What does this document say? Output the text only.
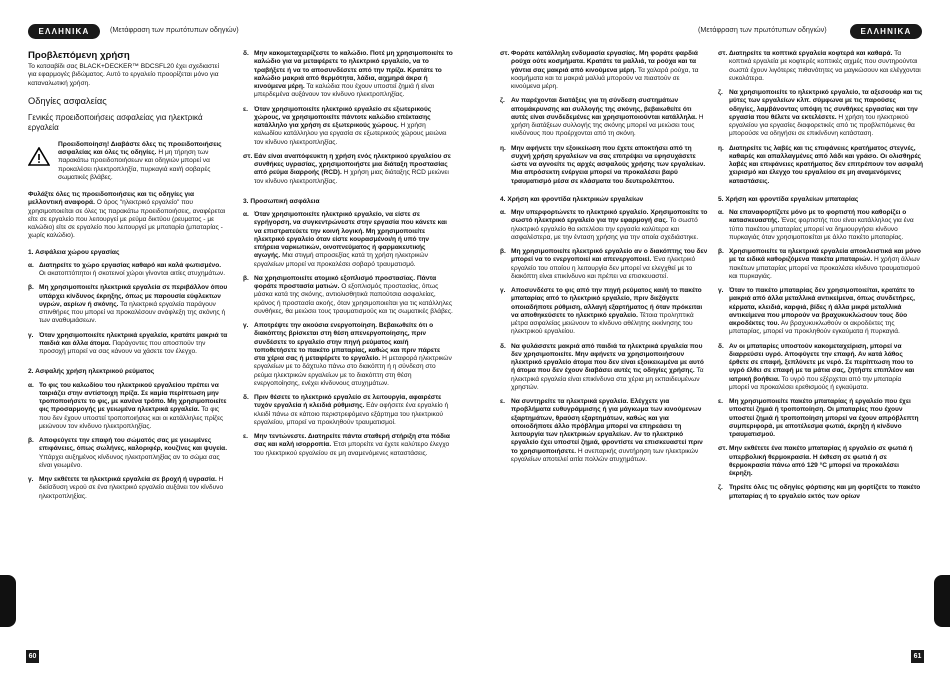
ΕΛΛΗΝΙΚΑ	(Μετάφραση των πρωτότυπων οδηγιών)
Προβλεπόμενη χρήση

Το κατσαβίδι σας BLACK+DECKER™ BDCSFL20 έχει σχεδιαστεί για εφαρμογές βιδώματος. Αυτό το εργαλείο προορίζεται μόνο για καταναλωτική χρήση.

Οδηγίες ασφαλείας
Γενικές προειδοποιήσεις ασφαλείας για ηλεκτρικά εργαλεία
Προειδοποίηση! Διαβάστε όλες τις προειδοποιήσεις ασφαλείας και όλες τις οδηγίες. Η μη τήρηση των παρακάτω προειδοποιήσεων και οδηγιών μπορεί να προκαλέσει ηλεκτροπληξία, πυρκαγιά και/ή σοβαρές σωματικές βλάβες.

Φυλάξτε όλες τις προειδοποιήσεις και τις οδηγίες για μελλοντική αναφορά. Ο όρος "ηλεκτρικό εργαλείο" που χρησιμοποιείται σε όλες τις παρακάτω προειδοποιήσεις, αναφέρεται είτε σε εργαλείο που λειτουργεί με ρεύμα δικτύου (ρευματος - με καλώδιο) είτε σε εργαλείο που λειτουργεί με μπαταρία (μπαταρίας - χωρίς καλώδιο).

1. Ασφάλεια χώρου εργασίας
α. Διατηρείτε το χώρο εργασίας καθαρό και καλά φωτισμένο. Οι ακατοπτόπητοι ή σκοτεινοί χώροι γίνονται αιτίες ατυχημάτων.
β. Μη χρησιμοποιείτε ηλεκτρικά εργαλεία σε περιβάλλον όπου υπάρχει κίνδυνος έκρηξης, όπως με παρουσία εύφλεκτων υγρών, αερίων ή σκόνης. Τα ηλεκτρικά εργαλεία παράγουν σπινθήρες που μπορεί να προκαλέσουν ανάφλεξη της σκόνης ή των αναθυμιάσεων.
γ. Όταν χρησιμοποιείτε ηλεκτρικά εργαλεία, κρατάτε μακριά τα παιδιά και άλλα άτομα. Παράγοντες που αποσπούν την προσοχή μπορεί να σας κάνουν να χάσετε τον έλεγχο.
2. Ασφαλής χρήση ηλεκτρικού ρεύματος
α. Το φις του καλωδίου του ηλεκτρικού εργαλείου πρέπει να ταιριάζει στην αντίστοιχη πρίζα. Σε καμία περίπτωση μην τροποποιήσετε το φις, με κανένα τρόπο. Μη χρησιμοποιείτε φις προσαρμογής με γειωμένα ηλεκτρικά εργαλεία. Τα φις που δεν έχουν υποστεί τροποποιήσεις και οι κατάλληλες πρίζες μειώνουν τον κίνδυνο ηλεκτροπληξίας.
β. Αποφεύγετε την επαφή του σώματός σας με γειωμένες επιφάνειες, όπως σωλήνες, καλοριφέρ, κουζίνες και ψυγεία. Υπάρχει αυξημένος κίνδυνος ηλεκτροπληξίας αν το σώμα σας είναι γειωμένο.
γ. Μην εκθέτετε τα ηλεκτρικά εργαλεία σε βροχή ή υγρασία. Η διείσδυση νερού σε ένα ηλεκτρικό εργαλείο αυξάνει τον κίνδυνο ηλεκτροπληξίας.
δ. Μην κακομεταχειρίζεστε το καλώδιο. Ποτέ μη χρησιμοποιείτε το καλώδιο για να μεταφέρετε το ηλεκτρικό εργαλείο, να το τραβήξετε ή να το αποσυνδέσετε από την πρίζα. Κρατάτε το καλώδιο μακριά από θερμότητα, λάδια, αιχμηρά άκρα ή κινούμενα μέρη. Τα καλώδια που έχουν υποστεί ζημιά ή είναι μπερδεμένα αυξάνουν τον κίνδυνο ηλεκτροπληξίας.
ε. Όταν χρησιμοποιείτε ηλεκτρικό εργαλείο σε εξωτερικούς χώρους, να χρησιμοποιείτε πάντοτε καλώδιο επέκτασης κατάλληλο για χρήση σε εξωτερικούς χώρους. Η χρήση καλωδίου κατάλληλου για εργασία σε εξωτερικούς χώρους μειώνει τον κίνδυνο ηλεκτροπληξίας.
στ. Εάν είναι αναπόφευκτη η χρήση ενός ηλεκτρικού εργαλείου σε συνθήκες υγρασίας, χρησιμοποιήστε μια διάταξη προστασίας από ρεύμα διαρροής (RCD). Η χρήση μιας διάταξης RCD μειώνει τον κίνδυνο ηλεκτροπληξίας.
3. Προσωπική ασφάλεια
α. Όταν χρησιμοποιείτε ηλεκτρικό εργαλείο, να είστε σε εγρήγορση, να συγκεντρώνεστε στην εργασία που κάνετε και να επιστρατεύετε την κοινή λογική. Μη χρησιμοποιείτε ηλεκτρικό εργαλείο όταν είστε κουρασμένοι/η ή υπό την επήρεια ναρκωτικών, οινοπνεύματος ή φαρμακευτικής αγωγής. Μια στιγμή απροσεξίας κατά τη χρήση ηλεκτρικών εργαλείων μπορεί να προκαλέσει σοβαρό τραυματισμό.
β. Να χρησιμοποιείτε ατομικό εξοπλισμό προστασίας. Πάντα φοράτε προστασία ματιών. Ο εξοπλισμός προστασίας, όπως μάσκα κατά της σκόνης, αντιολισθητικά παπούτσια ασφαλείας, κράνος ή προστασία ακοής, όταν χρησιμοποιείται για τις κατάλληλες συνθήκες, θα μειώσει τους τραυματισμούς και τις σωματικές βλάβες.
γ. Αποτρέψτε την ακούσια ενεργοποίηση. Βεβαιωθείτε ότι ο διακόπτης βρίσκεται στη θέση απενεργοποίησης, πριν συνδέσετε το εργαλείο στην πηγή ρεύματος και/ή τοποθετήσετε το πακέτο μπαταρίας, καθώς και πριν πάρετε στα χέρια σας ή μεταφέρετε το εργαλείο. Η μεταφορά ηλεκτρικών εργαλείων με το δάχτυλο πάνω στο διακόπτη ή η σύνδεση στο ρεύμα ηλεκτρικών εργαλείων με το διακόπτη στη θέση ενεργοποίησης, ενέχει κίνδυνους ατυχημάτων.
δ. Πριν θέσετε το ηλεκτρικό εργαλείο σε λειτουργία, αφαιρέστε τυχόν εργαλεία ή κλειδιά ρύθμισης. Εάν αφήσετε ένα εργαλείο ή κλειδί πάνω σε κάποιο περιστρεφόμενο εξάρτημα του ηλεκτρικού εργαλείου, μπορεί να προκληθούν τραυματισμοί.
ε. Μην τεντώνεστε. Διατηρείτε πάντα σταθερή στήριξη στα πόδια σας και καλή ισορροπία. Έτσι μπορείτε να έχετε καλύτερο έλεγχο του ηλεκτρικού εργαλείου σε μη αναμενόμενες καταστάσεις.
60
ΕΛΛΗΝΙΚΑ
(Μετάφραση των πρωτότυπων οδηγιών)
στ. Φοράτε κατάλληλη ενδυμασία εργασίας. Μη φοράτε φαρδιά ρούχα ούτε κοσμήματα. Κρατάτε τα μαλλιά, τα ρούχα και τα γάντια σας μακριά από κινούμενα μέρη. Τα χαλαρά ρούχα, τα κοσμήματα και τα μακριά μαλλιά μπορούν να πιαστούν σε κινούμενα μέρη.
ζ. Αν παρέχονται διατάξεις για τη σύνδεση συστημάτων απομάκρυνσης και συλλογής της σκόνης, βεβαιωθείτε ότι αυτές είναι συνδεδεμένες και χρησιμοποιούνται κατάλληλα. Η χρήση διατάξεων συλλογής της σκόνης μπορεί να μειώσει τους κινδύνους που προέρχονται από τη σκόνη.
η. Μην αφήνετε την εξοικείωση που έχετε αποκτήσει από τη συχνή χρήση εργαλείων να σας επιτρέψει να εφησυχάσετε ώστε να αγνοείτε τις αρχές ασφαλούς χρήσης των εργαλείων. Μια απρόσεκτη ενέργεια μπορεί να προκαλέσει βαρύ τραυματισμό μέσα σε κλάσματα του δευτερολέπτου.
4. Χρήση και φροντίδα ηλεκτρικών εργαλείων
α. Μην υπερφορτώνετε το ηλεκτρικό εργαλείο. Χρησιμοποιείτε το σωστό ηλεκτρικό εργαλείο για την εφαρμογή σας. Το σωστό ηλεκτρικό εργαλείο θα εκτελέσει την εργασία καλύτερα και ασφαλέστερα, με την ένταση χρήσης για την οποία σχεδιάστηκε.
β. Μη χρησιμοποιείτε ηλεκτρικό εργαλείο αν ο διακόπτης του δεν μπορεί να το ενεργοποιεί και απενεργοποιεί. Ένα ηλεκτρικό εργαλείο του οποίου η λειτουργία δεν μπορεί να ελεγχθεί με το διακόπτη είναι επικίνδυνο και πρέπει να επισκευαστεί.
γ. Αποσυνδέστε το φις από την πηγή ρεύματος και/ή το πακέτο μπαταρίας από το ηλεκτρικό εργαλείο, πριν διεξάγετε οποιαδήποτε ρύθμιση, αλλαγή εξαρτήματος ή όταν πρόκειται να αποθηκεύσετε το ηλεκτρικό εργαλείο. Τέτοια προληπτικά μέτρα ασφαλείας μειώνουν το κίνδυνο αθέλητης εκκίνησης του ηλεκτρικού εργαλείου.
δ. Να φυλάσσετε μακριά από παιδιά τα ηλεκτρικά εργαλεία που δεν χρησιμοποιείτε. Μην αφήνετε να χρησιμοποιήσουν ηλεκτρικό εργαλείο άτομα που δεν είναι εξοικειωμένα με αυτό ή άτομα που δεν έχουν διαβάσει αυτές τις οδηγίες χρήσης. Τα ηλεκτρικά εργαλεία είναι επικίνδυνα στα χέρια μη εκπαιδευμένων χρηστών.
ε. Να συντηρείτε τα ηλεκτρικά εργαλεία. Ελέγχετε για προβλήματα ευθυγράμμισης ή για μάγκωμα των κινούμενων εξαρτημάτων, θραύση εξαρτημάτων, καθώς και για οποιοδήποτε άλλο πρόβλημα μπορεί να επηρεάσει τη λειτουργία των ηλεκτρικών εργαλείων. Αν το ηλεκτρικό εργαλείο έχει υποστεί ζημιά, φροντίστε να επισκευαστεί πριν το χρησιμοποιήσετε. Η ανεπαρκής συντήρηση των ηλεκτρικών εργαλείων αποτελεί αιτία πολλών ατυχημάτων.
στ. Διατηρείτε τα κοπτικά εργαλεία κοφτερά και καθαρά. Τα κοπτικά εργαλεία με κοφτερές κοπτικές αιχμές που συντηρούνται σωστά έχουν λιγότερες πιθανότητες να μαγκώσουν και ελέγχονται ευκολότερα.
ζ. Να χρησιμοποιείτε το ηλεκτρικό εργαλείο, τα αξεσουάρ και τις μύτες των εργαλείων κλπ. σύμφωνα με τις παρούσες οδηγίες, λαμβάνοντας υπόψη τις συνθήκες εργασίας και την εργασία που θέλετε να εκτελέσετε. Η χρήση του ηλεκτρικού εργαλείου για εργασίες διαφορετικές από τις προβλεπόμενες θα μπορούσε να οδηγήσει σε επικίνδυνη κατάσταση.
η. Διατηρείτε τις λαβές και τις επιφάνειες κρατήματος στεγνές, καθαρές και απαλλαγμένες από λάδι και γράσο. Οι ολισθηρές λαβές και επιφάνειες κρατήματος δεν επιτρέπουν τον ασφαλή χειρισμό και έλεγχο του εργαλείου σε μη αναμενόμενες καταστάσεις.
5. Χρήση και φροντίδα εργαλείων μπαταρίας
α. Να επαναφορτίζετε μόνο με το φορτιστή που καθορίζει ο κατασκευαστής. Ένας φορτιστής που είναι κατάλληλος για ένα τύπο πακέτου μπαταρίας μπορεί να δημιουργήσει κίνδυνο πυρκαγιάς όταν χρησιμοποιείται με άλλο πακέτο μπαταρίας.
β. Χρησιμοποιείτε τα ηλεκτρικά εργαλεία αποκλειστικά και μόνο με τα ειδικά καθοριζόμενα πακέτα μπαταριών. Η χρήση άλλων πακέτων μπαταρίας μπορεί να προκαλέσει κίνδυνο τραυματισμού και πυρκαγιάς.
γ. Όταν το πακέτο μπαταρίας δεν χρησιμοποιείται, κρατάτε το μακριά από άλλα μεταλλικά αντικείμενα, όπως συνδετήρες, κέρματα, κλειδιά, καρφιά, βίδες ή άλλα μικρά μεταλλικά αντικείμενα που μπορούν να βραχυκυκλώσουν τους δύο ακροδέκτες του. Αν βραχυκυκλωθούν οι ακροδέκτες της μπαταρίας, μπορεί να προκληθούν εγκαύματα ή πυρκαγιά.
δ. Αν οι μπαταρίες υποστούν κακομεταχείριση, μπορεί να διαρρεύσει υγρό. Αποφύγετε την επαφή. Αν κατά λάθος έρθετε σε επαφή, ξεπλύνετε με νερό. Σε περίπτωση που το υγρό έλθει σε επαφή με τα μάτια σας, ζητήστε επιπλέον και ιατρική βοήθεια. Το υγρό που εξέρχεται από την μπαταρία μπορεί να προκαλέσει ερεθισμούς ή εγκαύματα.
ε. Μη χρησιμοποιείτε πακέτο μπαταρίας ή εργαλείο που έχει υποστεί ζημιά ή τροποποίηση. Οι μπαταρίες που έχουν υποστεί ζημιά ή τροποποίηση μπορεί να έχουν απρόβλεπτη συμπεριφορά, με αποτέλεσμα φωτιά, έκρηξη ή κίνδυνο τραυματισμού.
στ. Μην εκθέτετε ένα πακέτο μπαταρίας ή εργαλείο σε φωτιά ή υπερβολική θερμοκρασία. Η έκθεση σε φωτιά ή σε θερμοκρασία πάνω από 129 °C μπορεί να προκαλέσει έκρηξη.
ζ. Τηρείτε όλες τις οδηγίες φόρτισης και μη φορτίζετε το πακέτο μπαταρίας ή το εργαλείο εκτός των ορίων
61
